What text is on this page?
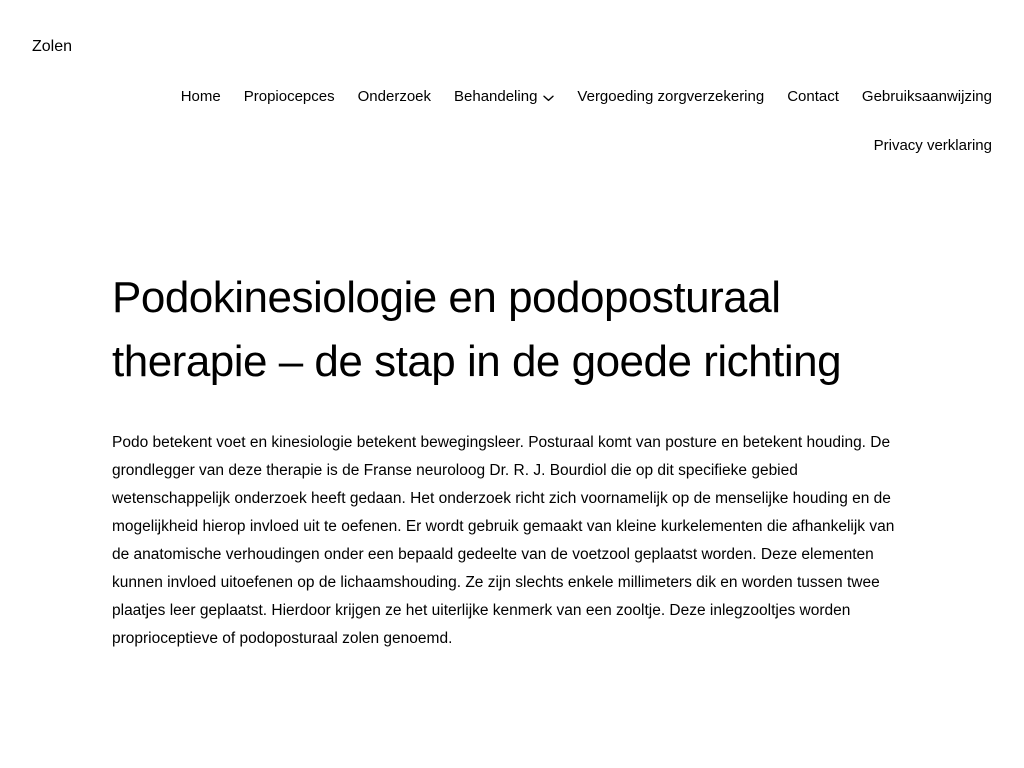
Zolen
Home Propiocepces Onderzoek Behandeling	Vergoeding zorgverzekering Contact Gebruiksaanwijzing
Privacy verklaring
Podokinesiologie en podoposturaal therapie – de stap in de goede richting

Podo betekent voet en kinesiologie betekent bewegingsleer. Posturaal komt van posture en betekent houding. De grondlegger van deze therapie is de Franse neuroloog Dr. R. J. Bourdiol die op dit specifieke gebied wetenschappelijk onderzoek heeft gedaan. Het onderzoek richt zich voornamelijk op de menselijke houding en de mogelijkheid hierop invloed uit te oefenen. Er wordt gebruik gemaakt van kleine kurkelementen die afhankelijk van de anatomische verhoudingen onder een bepaald gedeelte van de voetzool geplaatst worden. Deze elementen kunnen invloed uitoefenen op de lichaamshouding. Ze zijn slechts enkele millimeters dik en worden tussen twee plaatjes leer geplaatst. Hierdoor krijgen ze het uiterlijke kenmerk van een zooltje. Deze inlegzooltjes worden proprioceptieve of podoposturaal zolen genoemd.
